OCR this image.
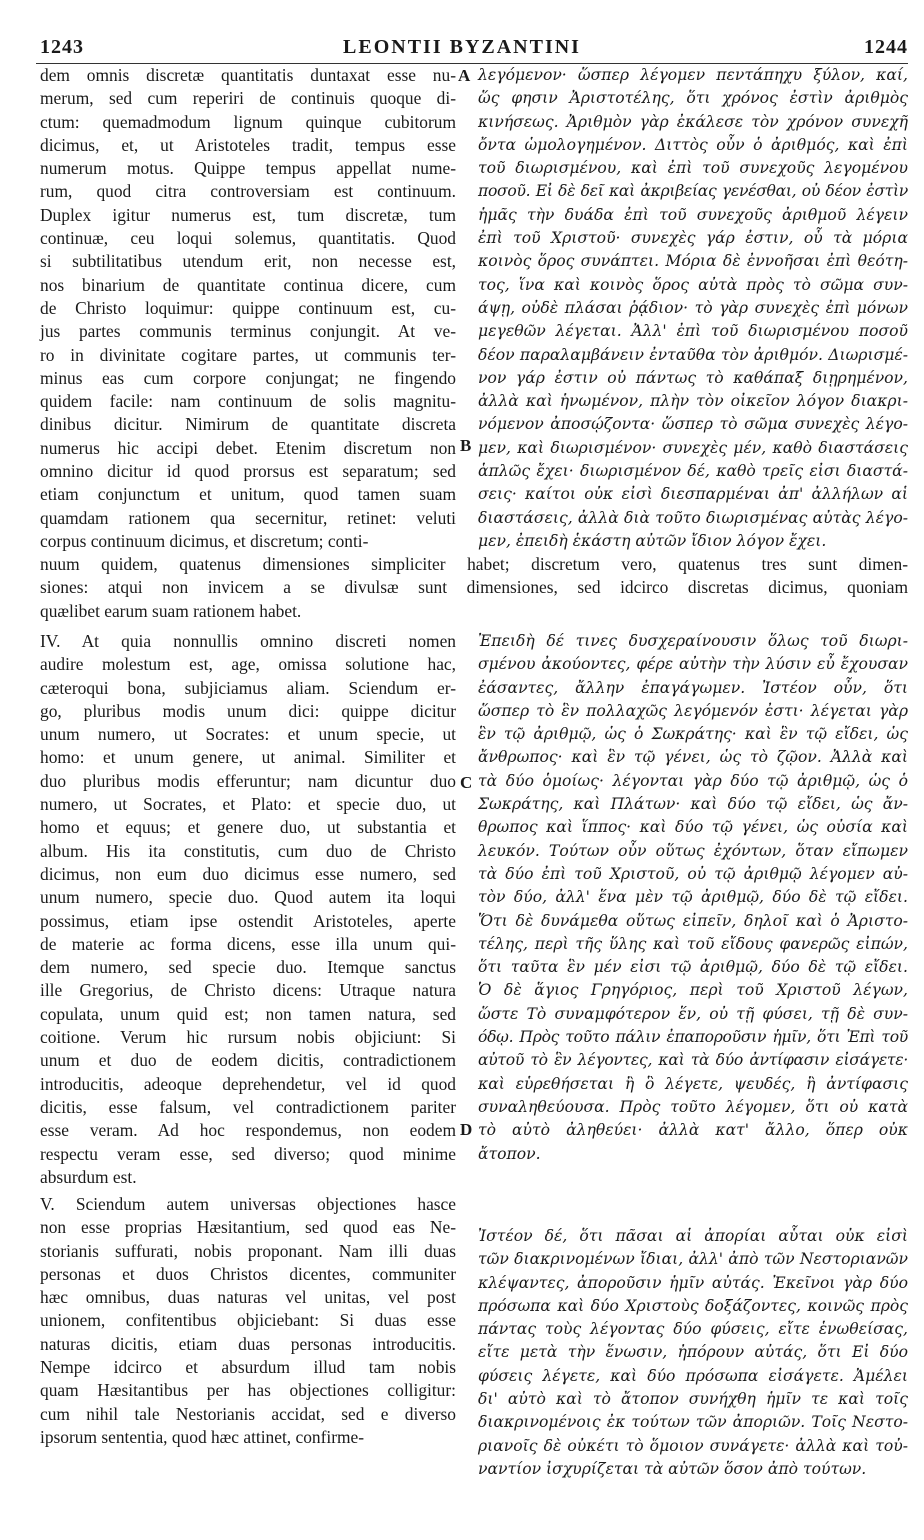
1243	LEONTII BYZANTINI	1244
dem omnis discretæ quantitatis duntaxat esse nu-
merum, sed cum reperiri de continuis quoque di-
ctum: quemadmodum lignum quinque cubitorum
dicimus, et, ut Aristoteles tradit, tempus esse
numerum motus. Quippe tempus appellat nume-
rum, quod citra controversiam est continuum.
Duplex igitur numerus est, tum discretæ, tum
continuæ, ceu loqui solemus, quantitatis. Quod
si subtilitatibus utendum erit, non necesse est,
nos binarium de quantitate continua dicere, cum
de Christo loquimur: quippe continuum est, cu-
jus partes communis terminus conjungit. At ve-
ro in divinitate cogitare partes, ut communis ter-
minus eas cum corpore conjungat; ne fingendo
quidem facile: nam continuum de solis magnitu-
dinibus dicitur. Nimirum de quantitate discreta
numerus hic accipi debet. Etenim discretum non
omnino dicitur id quod prorsus est separatum; sed
etiam conjunctum et unitum, quod tamen suam
quamdam rationem qua secernitur, retinet: veluti
corpus continuum dicimus, et discretum; conti-
λεγόμενον· ὥσπερ λέγομεν πεντάπηχυ ξύλον, καί,
ὥς φησιν Ἀριστοτέλης, ὅτι χρόνος ἐστὶν ἀριθμὸς
κινήσεως. Ἀριθμὸν γὰρ ἐκάλεσε τὸν χρόνον συνεχῆ
ὄντα ὡμολογημένον. Διττὸς οὖν ὁ ἀριθμός, καὶ ἐπὶ
τοῦ διωρισμένου, καὶ ἐπὶ τοῦ συνεχοῦς λεγομένου
ποσοῦ. Εἰ δὲ δεῖ καὶ ἀκριβείας γενέσθαι, οὐ δέον ἐστὶν
ἡμᾶς τὴν δυάδα ἐπὶ τοῦ συνεχοῦς ἀριθμοῦ λέγειν
ἐπὶ τοῦ Χριστοῦ· συνεχὲς γάρ ἐστιν, οὗ τὰ μόρια
κοινὸς ὅρος συνάπτει. Μόρια δὲ ἐννοῆσαι ἐπὶ θεότη-
τος, ἵνα καὶ κοινὸς ὅρος αὐτὰ πρὸς τὸ σῶμα συν-
άψῃ, οὐδὲ πλάσαι ῥᾴδιον· τὸ γὰρ συνεχὲς ἐπὶ μόνων
μεγεθῶν λέγεται. Ἀλλ' ἐπὶ τοῦ διωρισμένου ποσοῦ
δέον παραλαμβάνειν ἐνταῦθα τὸν ἀριθμόν. Διωρισμέ-
νον γάρ ἐστιν οὐ πάντως τὸ καθάπαξ διῃρημένον,
ἀλλὰ καὶ ἡνωμένον, πλὴν τὸν οἰκεῖον λόγον διακρι-
νόμενον ἀποσῴζοντα· ὥσπερ τὸ σῶμα συνεχὲς λέγο-
μεν, καὶ διωρισμένον· συνεχὲς μέν, καθὸ διαστάσεις
ἁπλῶς ἔχει· διωρισμένον δέ, καθὸ τρεῖς εἰσι διαστά-
σεις· καίτοι οὐκ εἰσὶ διεσπαρμέναι ἀπ' ἀλλήλων αἱ
διαστάσεις, ἀλλὰ διὰ τοῦτο διωρισμένας αὐτὰς λέγο-
μεν, ἐπειδὴ ἑκάστη αὐτῶν ἴδιον λόγον ἔχει.
nuum quidem, quatenus dimensiones simpliciter habet; discretum vero, quatenus tres sunt dimen-
siones: atqui non invicem a se divulsæ sunt dimensiones, sed idcirco discretas dicimus, quoniam
quælibet earum suam rationem habet.
IV. At quia nonnullis omnino discreti nomen
audire molestum est, age, omissa solutione hac,
cæteroqui bona, subjiciamus aliam. Sciendum er-
go, pluribus modis unum dici: quippe dicitur
unum numero, ut Socrates: et unum specie, ut
homo: et unum genere, ut animal. Similiter et
duo pluribus modis efferuntur; nam dicuntur duo
numero, ut Socrates, et Plato: et specie duo, ut
homo et equus; et genere duo, ut substantia et
album. His ita constitutis, cum duo de Christo
dicimus, non eum duo dicimus esse numero, sed
unum numero, specie duo. Quod autem ita loqui
possimus, etiam ipse ostendit Aristoteles, aperte
de materie ac forma dicens, esse illa unum qui-
dem numero, sed specie duo. Itemque sanctus
ille Gregorius, de Christo dicens: Utraque natura
copulata, unum quid est; non tamen natura, sed
coitione. Verum hic rursum nobis objiciunt: Si
unum et duo de eodem dicitis, contradictionem
introducitis, adeoque deprehendetur, vel id quod
dicitis, esse falsum, vel contradictionem pariter
esse veram. Ad hoc respondemus, non eodem
respectu veram esse, sed diverso; quod minime
absurdum est.
Ἐπειδὴ δέ τινες δυσχεραίνουσιν ὅλως τοῦ διωρι-
σμένου ἀκούοντες, φέρε αὐτὴν τὴν λύσιν εὖ ἔχουσαν
ἐάσαντες, ἄλλην ἐπαγάγωμεν. Ἰστέον οὖν, ὅτι
ὥσπερ τὸ ἓν πολλαχῶς λεγόμενόν ἐστι· λέγεται γὰρ
ἓν τῷ ἀριθμῷ, ὡς ὁ Σωκράτης· καὶ ἓν τῷ εἴδει, ὡς
ἄνθρωπος· καὶ ἓν τῷ γένει, ὡς τὸ ζῷον. Ἀλλὰ καὶ
τὰ δύο ὁμοίως· λέγονται γὰρ δύο τῷ ἀριθμῷ, ὡς ὁ
Σωκράτης, καὶ Πλάτων· καὶ δύο τῷ εἴδει, ὡς ἄν-
θρωπος καὶ ἵππος· καὶ δύο τῷ γένει, ὡς οὐσία καὶ
λευκόν. Τούτων οὖν οὕτως ἐχόντων, ὅταν εἴπωμεν
τὰ δύο ἐπὶ τοῦ Χριστοῦ, οὐ τῷ ἀριθμῷ λέγομεν αὐ-
τὸν δύο, ἀλλ' ἕνα μὲν τῷ ἀριθμῷ, δύο δὲ τῷ εἴδει.
Ὅτι δὲ δυνάμεθα οὕτως εἰπεῖν, δηλοῖ καὶ ὁ Ἀριστο-
τέλης, περὶ τῆς ὕλης καὶ τοῦ εἴδους φανερῶς εἰπών,
ὅτι ταῦτα ἓν μέν εἰσι τῷ ἀριθμῷ, δύο δὲ τῷ εἴδει.
Ὁ δὲ ἅγιος Γρηγόριος, περὶ τοῦ Χριστοῦ λέγων,
ὥστε Τὸ συναμφότερον ἕν, οὐ τῇ φύσει, τῇ δὲ συν-
όδῳ. Πρὸς τοῦτο πάλιν ἐπαποροῦσιν ἡμῖν, ὅτι Ἐπὶ τοῦ
αὐτοῦ τὸ ἓν λέγοντες, καὶ τὰ δύο ἀντίφασιν εἰσάγετε·
καὶ εὑρεθήσεται ἢ ὃ λέγετε, ψευδές, ἢ ἀντίφασις
συναληθεύουσα. Πρὸς τοῦτο λέγομεν, ὅτι οὐ κατὰ
τὸ αὐτὸ ἀληθεύει· ἀλλὰ κατ' ἄλλο, ὅπερ οὐκ
ἄτοπον.
V. Sciendum autem universas objectiones hasce
non esse proprias Hæsitantium, sed quod eas Ne-
storianis suffurati, nobis proponant. Nam illi duas
personas et duos Christos dicentes, communiter
hæc omnibus, duas naturas vel unitas, vel post
unionem, confitentibus objiciebant: Si duas esse
naturas dicitis, etiam duas personas introducitis.
Nempe idcirco et absurdum illud tam nobis
quam Hæsitantibus per has objectiones colligitur:
cum nihil tale Nestorianis accidat, sed e diverso
ipsorum sententia, quod hæc attinet, confirme-
Ἰστέον δέ, ὅτι πᾶσαι αἱ ἀπορίαι αὗται οὐκ εἰσὶ
τῶν διακρινομένων ἴδιαι, ἀλλ' ἀπὸ τῶν Νεστοριανῶν
κλέψαντες, ἀποροῦσιν ἡμῖν αὐτάς. Ἐκεῖνοι γὰρ δύο
πρόσωπα καὶ δύο Χριστοὺς δοξάζοντες, κοινῶς πρὸς
πάντας τοὺς λέγοντας δύο φύσεις, εἴτε ἑνωθείσας,
εἴτε μετὰ τὴν ἕνωσιν, ἠπόρουν αὐτάς, ὅτι Εἰ δύο
φύσεις λέγετε, καὶ δύο πρόσωπα εἰσάγετε. Ἀμέλει
δι' αὐτὸ καὶ τὸ ἄτοπον συνήχθη ἡμῖν τε καὶ τοῖς
διακρινομένοις ἐκ τούτων τῶν ἀποριῶν. Τοῖς Νεστο-
ριανοῖς δὲ οὐκέτι τὸ ὅμοιον συνάγετε· ἀλλὰ καὶ τοὐ-
ναντίον ἰσχυρίζεται τὰ αὐτῶν ὅσον ἀπὸ τούτων.
A
B
C
D
